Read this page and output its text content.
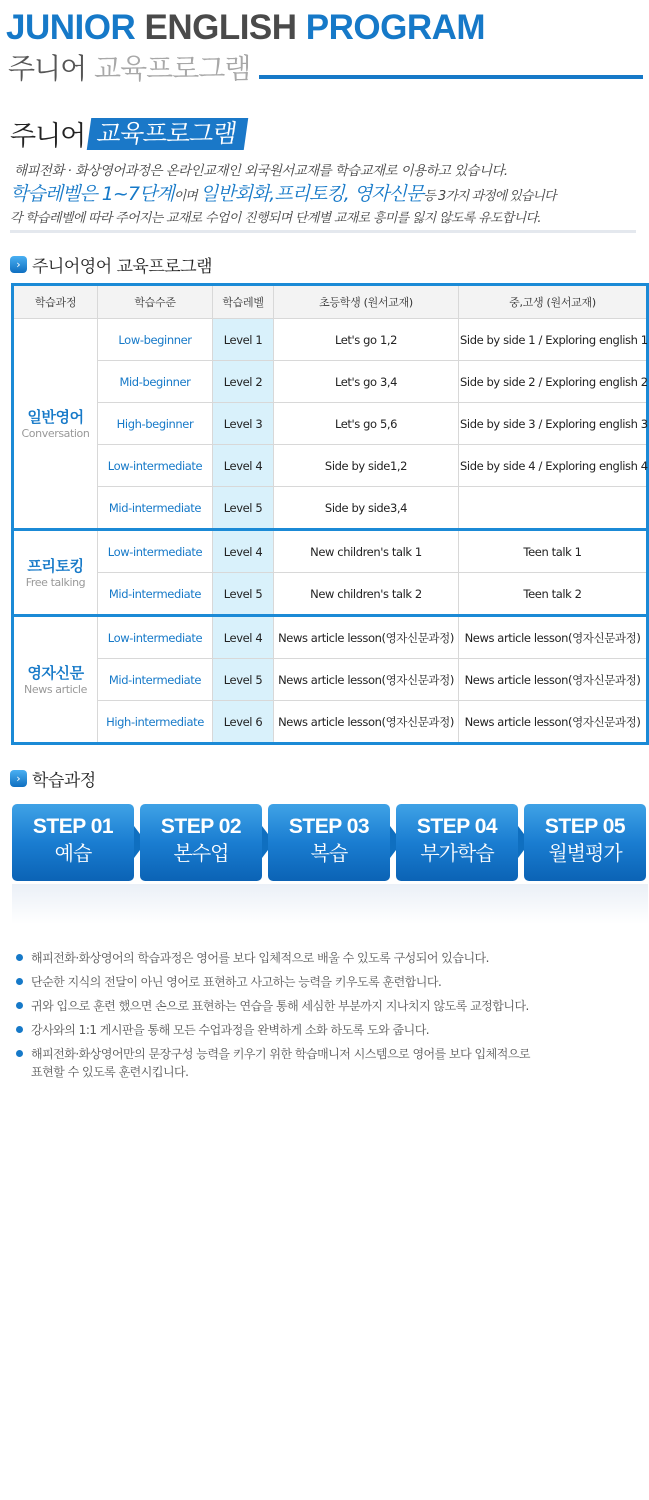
JUNIOR ENGLISH PROGRAM
주니어 교육프로그램
주니어 교육프로그램
해피전화 · 화상영어과정은 온라인교재인 외국원서교재를 학습교재로 이용하고 있습니다.
학습레벨은 1~7단계이며 일반회화,프리토킹, 영자신문등 3가지 과정에 있습니다
각 학습레벨에 따라 주어지는 교재로 수업이 진행되며 단계별 교재로 흥미를 잃지 않도록 유도합니다.
› 주니어영어 교육프로그램
학습과정	학습수준	학습레벨	초등학생 (원서교재)	중,고생 (원서교재)

일반영어
Conversation	Low-beginner	Level 1	Let's go 1,2	Side by side 1 / Exploring english 1
	Mid-beginner	Level 2	Let's go 3,4	Side by side 2 / Exploring english 2
	High-beginner	Level 3	Let's go 5,6	Side by side 3 / Exploring english 3
	Low-intermediate	Level 4	Side by side1,2	Side by side 4 / Exploring english 4
	Mid-intermediate	Level 5	Side by side3,4	

프리토킹
Free talking	Low-intermediate	Level 4	New children's talk 1	Teen talk 1
	Mid-intermediate	Level 5	New children's talk 2	Teen talk 2

영자신문
News article	Low-intermediate	Level 4	News article lesson(영자신문과정)	News article lesson(영자신문과정)
	Mid-intermediate	Level 5	News article lesson(영자신문과정)	News article lesson(영자신문과정)
	High-intermediate	Level 6	News article lesson(영자신문과정)	News article lesson(영자신문과정)
› 학습과정
STEP 01
예습
STEP 02
본수업
STEP 03
복습
STEP 04
부가학습
STEP 05
월별평가
해피전화·화상영어의 학습과정은 영어를 보다 입체적으로 배울 수 있도록 구성되어 있습니다.
단순한 지식의 전달이 아닌 영어로 표현하고 사고하는 능력을 키우도록 훈련합니다.
귀와 입으로 훈련 했으면 손으로 표현하는 연습을 통해 세심한 부분까지 지나치지 않도록 교정합니다.
강사와의 1:1 게시판을 통해 모든 수업과정을 완벽하게 소화 하도록 도와 줍니다.
해피전화·화상영어만의 문장구성 능력을 키우기 위한 학습매니저 시스템으로 영어를 보다 입체적으로
표현할 수 있도록 훈련시킵니다.
